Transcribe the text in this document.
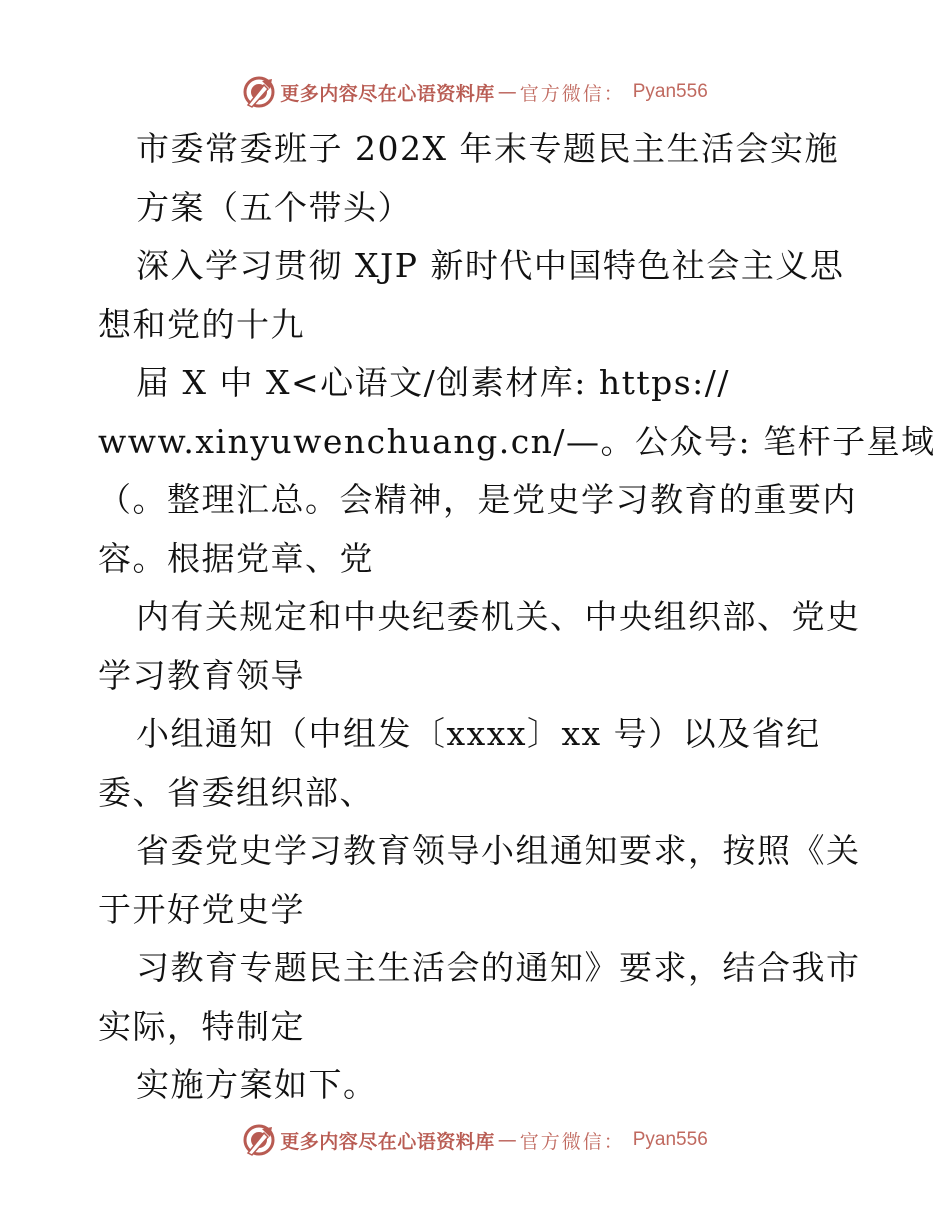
更多内容尽在心语资料库 — 官方微信： Pyan556
市委常委班子 202X 年末专题民主生活会实施
方案（五个带头）
深入学习贯彻 XJP 新时代中国特色社会主义思
想和党的十九
届 X 中 X<心语文/创素材库: https://
www.xinyuwenchuang.cn/—。公众号: 笔杆子星域
（。整理汇总。会精神，是党史学习教育的重要内
容。根据党章、党
内有关规定和中央纪委机关、中央组织部、党史
学习教育领导
小组通知（中组发〔xxxx〕xx 号）以及省纪
委、省委组织部、
省委党史学习教育领导小组通知要求，按照《关
于开好党史学
习教育专题民主生活会的通知》要求，结合我市
实际，特制定
实施方案如下。
更多内容尽在心语资料库 — 官方微信： Pyan556
